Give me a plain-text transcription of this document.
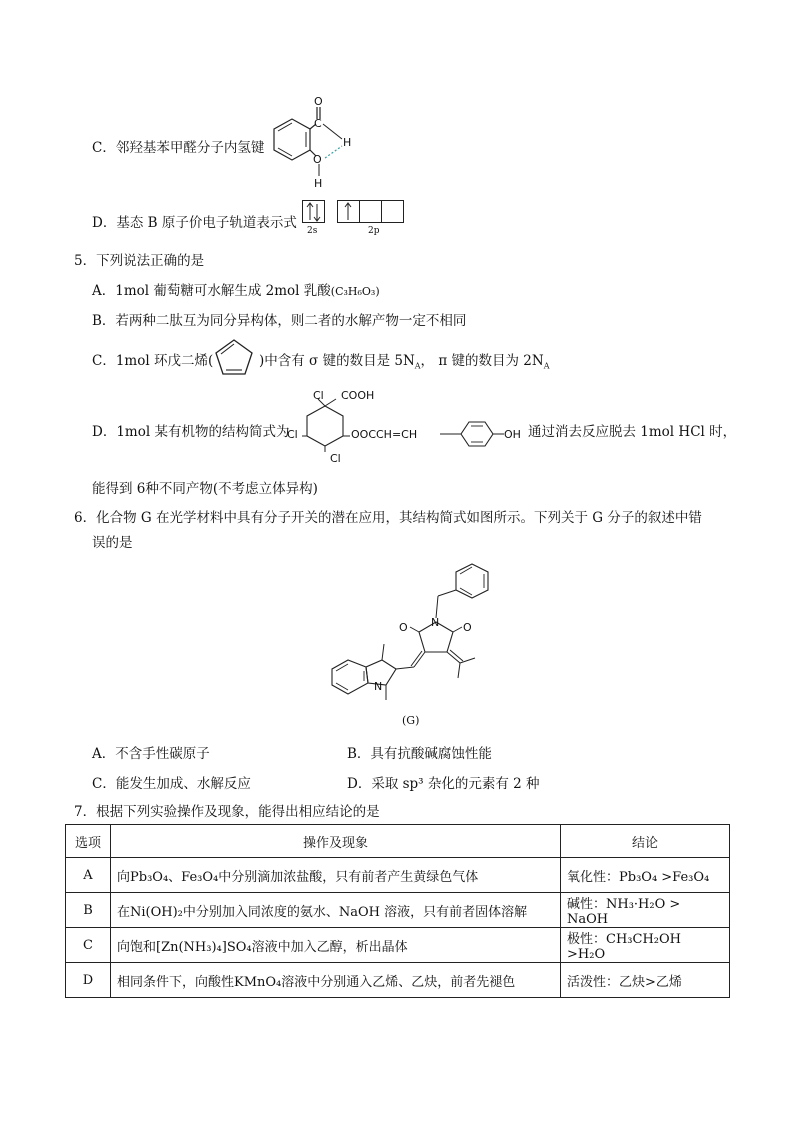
C．邻羟基苯甲醛分子内氢键
O
C
H
O
H
D．基态 B 原子价电子轨道表示式 2s	2p
5．下列说法正确的是
A．1mol 葡萄糖可水解生成 2mol 乳酸(C₃H₆O₃)
B．若两种二肽互为同分异构体，则二者的水解产物一定不相同
C．1mol 环戊二烯(	)中含有 σ 键的数目是 $5N_A$， π 键的数目为 $2N_A$
D．1mol 某有机物的结构简式为
Cl COOH
Cl
Cl
OOCCH=CH	OH 通过消去反应脱去 1mol HCl 时，
能得到 6种不同产物(不考虑立体异构)
6．化合物 G 在光学材料中具有分子开关的潜在应用，其结构简式如图所示。下列关于 G 分子的叙述中错
误的是
O N O
N
(G)
A．不含手性碳原子	B．具有抗酸碱腐蚀性能
C．能发生加成、水解反应	D．采取 sp³ 杂化的元素有 2 种
7．根据下列实验操作及现象，能得出相应结论的是
选项	操作及现象	结论
A	向Pb₃O₄、Fe₃O₄中分别滴加浓盐酸，只有前者产生黄绿色气体	氧化性：Pb₃O₄ >Fe₃O₄
B	在Ni(OH)₂中分别加入同浓度的氨水、NaOH 溶液，只有前者固体溶解	碱性：NH₃·H₂O > NaOH
C	向饱和[Zn(NH₃)₄]SO₄溶液中加入乙醇，析出晶体	极性：CH₃CH₂OH >H₂O
D	相同条件下，向酸性KMnO₄溶液中分别通入乙烯、乙炔，前者先褪色	活泼性：乙炔>乙烯
